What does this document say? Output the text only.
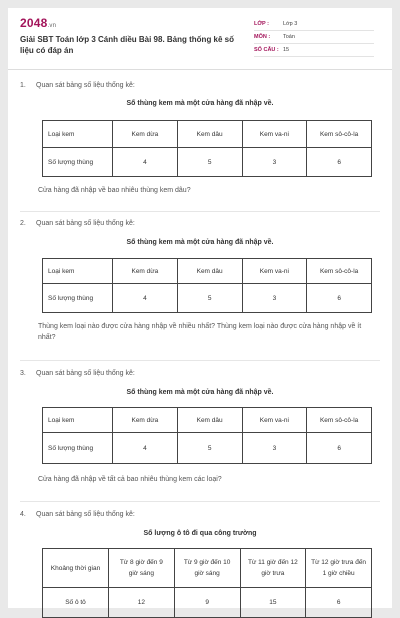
2048.vn
Giải SBT Toán lớp 3 Cánh diều Bài 98. Bảng thống kê số liệu có đáp án
LỚP :	Lớp 3
MÔN :	Toán
SỐ CÂU : 15
1. Quan sát bảng số liệu thống kê:
Số thùng kem mà một cửa hàng đã nhập về.
Loại kem	Kem dừa	Kem dâu	Kem va-ni	Kem sô-cô-la
Số lượng thùng	4	5	3	6
Cửa hàng đã nhập về bao nhiêu thùng kem dâu?
2. Quan sát bảng số liệu thống kê:
Số thùng kem mà một cửa hàng đã nhập về.
Loại kem	Kem dừa	Kem dâu	Kem va-ni	Kem sô-cô-la
Số lượng thùng	4	5	3	6
Thùng kem loại nào được cửa hàng nhập về nhiều nhất? Thùng kem loại nào được cửa hàng nhập về ít nhất?
3. Quan sát bảng số liệu thống kê:
Số thùng kem mà một cửa hàng đã nhập về.
Loại kem	Kem dừa	Kem dâu	Kem va-ni	Kem sô-cô-la
Số lượng thùng	4	5	3	6
Cửa hàng đã nhập về tất cả bao nhiêu thùng kem các loại?
4. Quan sát bảng số liệu thống kê:
Số lượng ô tô đi qua công trường
Khoảng thời gian	Từ 8 giờ đến 9 giờ sáng	Từ 9 giờ đến 10 giờ sáng	Từ 11 giờ đến 12 giờ trưa	Từ 12 giờ trưa đến 1 giờ chiều
Số ô tô	12	9	15	6
